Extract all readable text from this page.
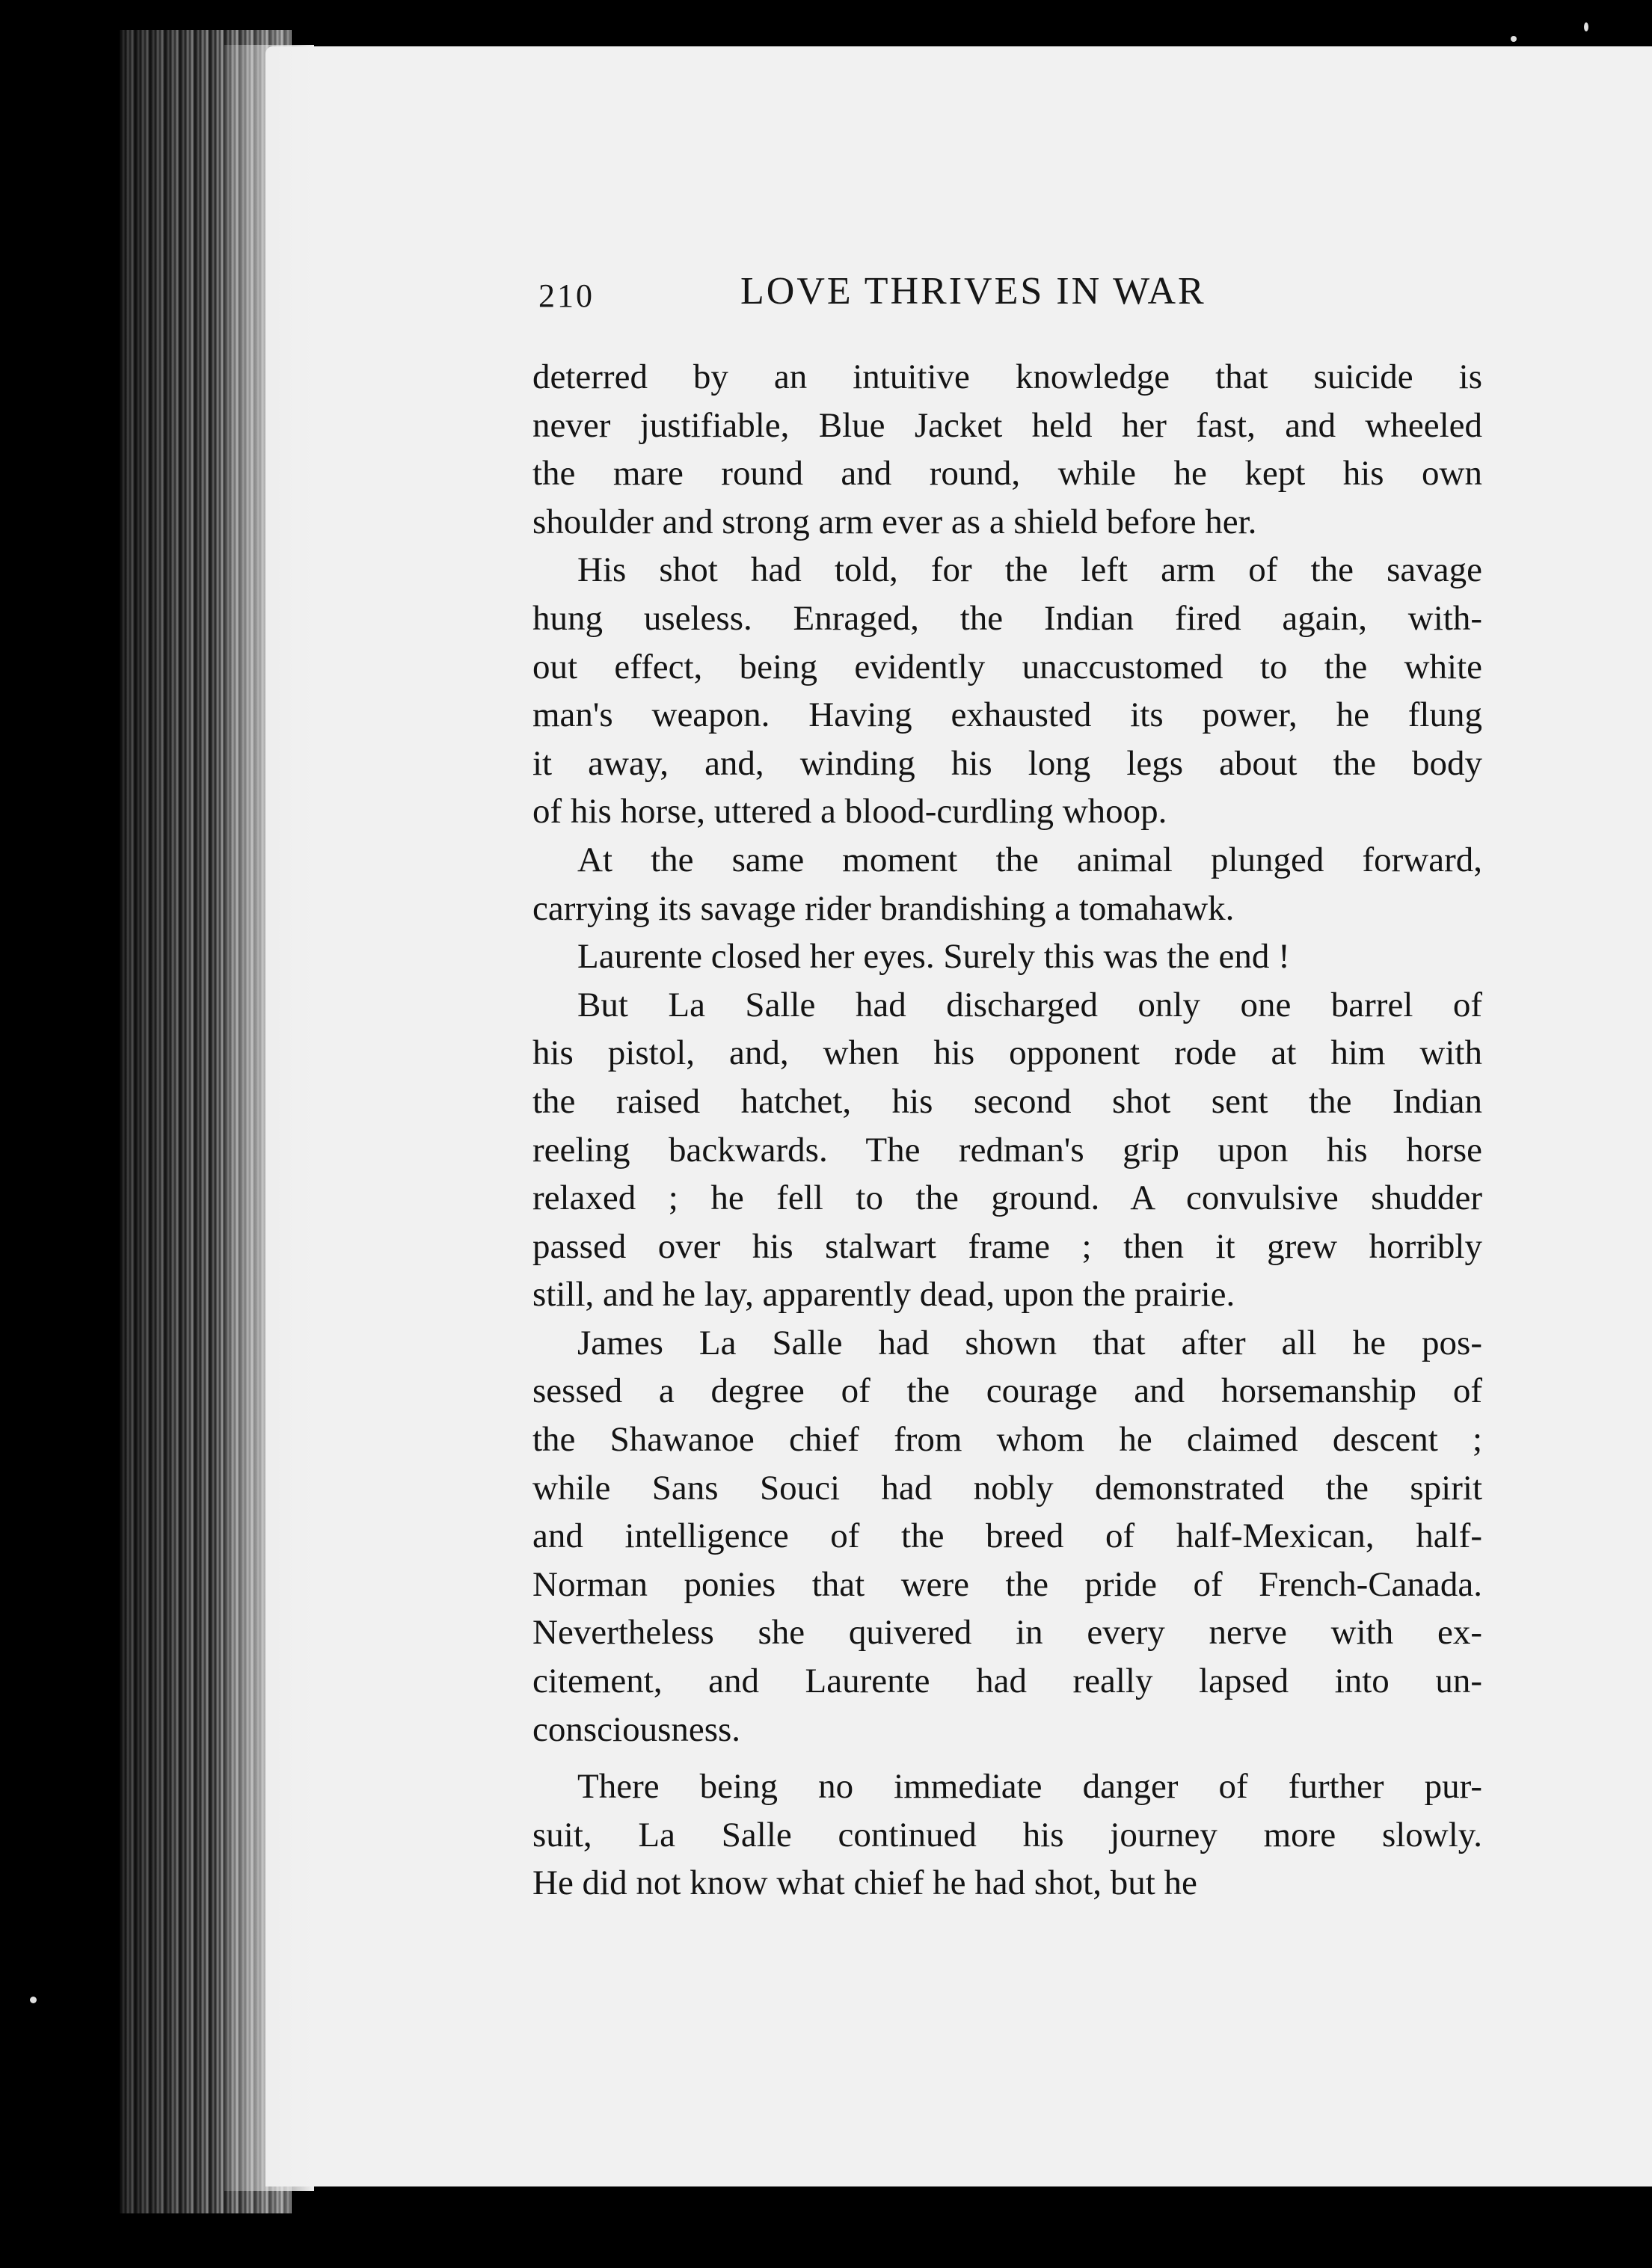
210	LOVE THRIVES IN WAR
deterred by an intuitive knowledge that suicide is
never justifiable, Blue Jacket held her fast, and wheeled
the mare round and round, while he kept his own
shoulder and strong arm ever as a shield before her.
His shot had told, for the left arm of the savage
hung useless. Enraged, the Indian fired again, with-
out effect, being evidently unaccustomed to the white
man's weapon. Having exhausted its power, he flung
it away, and, winding his long legs about the body
of his horse, uttered a blood-curdling whoop.
At the same moment the animal plunged forward,
carrying its savage rider brandishing a tomahawk.
Laurente closed her eyes. Surely this was the end !
But La Salle had discharged only one barrel of
his pistol, and, when his opponent rode at him with
the raised hatchet, his second shot sent the Indian
reeling backwards. The redman's grip upon his horse
relaxed ; he fell to the ground. A convulsive shudder
passed over his stalwart frame ; then it grew horribly
still, and he lay, apparently dead, upon the prairie.
James La Salle had shown that after all he pos-
sessed a degree of the courage and horsemanship of
the Shawanoe chief from whom he claimed descent ;
while Sans Souci had nobly demonstrated the spirit
and intelligence of the breed of half-Mexican, half-
Norman ponies that were the pride of French-Canada.
Nevertheless she quivered in every nerve with ex-
citement, and Laurente had really lapsed into un-
consciousness.
There being no immediate danger of further pur-
suit, La Salle continued his journey more slowly.
He did not know what chief he had shot, but he
